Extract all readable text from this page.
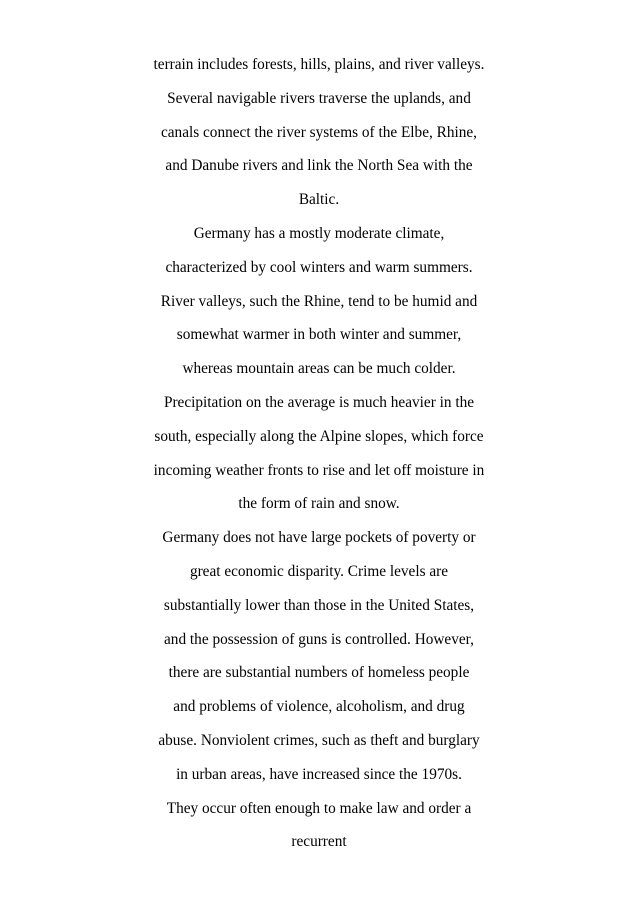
terrain includes forests, hills, plains, and river valleys.
Several navigable rivers traverse the uplands, and
canals connect the river systems of the Elbe, Rhine,
and Danube rivers and link the North Sea with the
Baltic.
Germany has a mostly moderate climate,
characterized by cool winters and warm summers.
River valleys, such the Rhine, tend to be humid and
somewhat warmer in both winter and summer,
whereas mountain areas can be much colder.
Precipitation on the average is much heavier in the
south, especially along the Alpine slopes, which force
incoming weather fronts to rise and let off moisture in
the form of rain and snow.
Germany does not have large pockets of poverty or
great economic disparity. Crime levels are
substantially lower than those in the United States,
and the possession of guns is controlled. However,
there are substantial numbers of homeless people
and problems of violence, alcoholism, and drug
abuse. Nonviolent crimes, such as theft and burglary
in urban areas, have increased since the 1970s.
They occur often enough to make law and order a
recurrent
